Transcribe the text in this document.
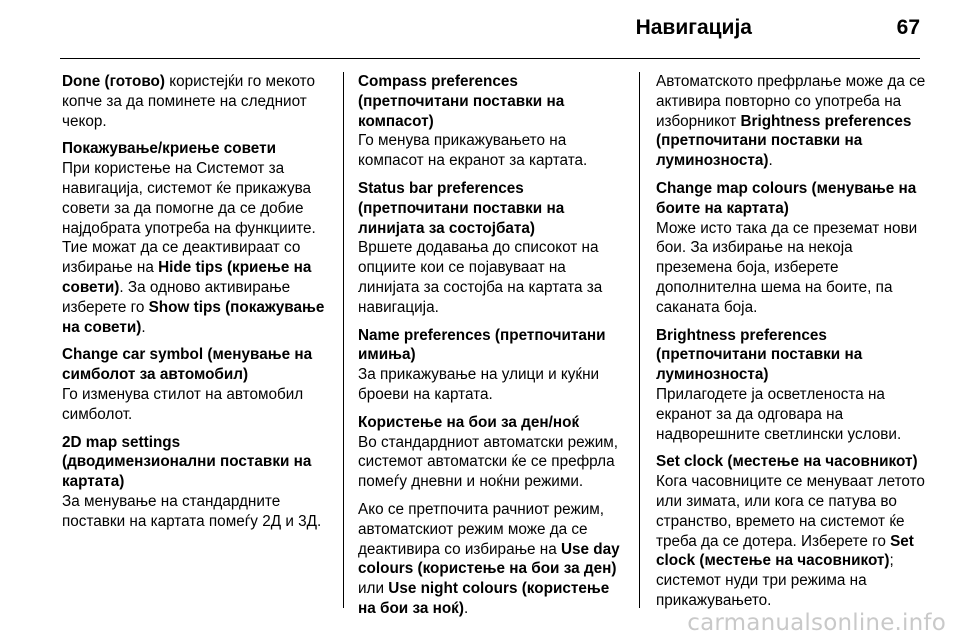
Навигација	67
Done (готово) користејќи го мекото копче за да поминете на следниот чекор.
Покажување/криење совети
При користење на Системот за навигација, системот ќе прикажува совети за да помогне да се добие најдобрата употреба на функциите. Тие можат да се деактивираат со избирање на Hide tips (криење на совети). За одново активирање изберете го Show tips (покажување на совети).
Change car symbol (менување на симболот за автомобил)
Го изменува стилот на автомобил симболот.
2D map settings (дводимензионални поставки на картата)
За менување на стандардните поставки на картата помеѓу 2Д и 3Д.
Compass preferences (претпочитани поставки на компасот)
Го менува прикажувањето на компасот на екранот за картата.
Status bar preferences (претпочитани поставки на линијата за состојбата)
Вршете додавања до списокот на опциите кои се појавуваат на линијата за состојба на картата за навигација.
Name preferences (претпочитани имиња)
За прикажување на улици и куќни броеви на картата.
Користење на бои за ден/ноќ
Во стандардниот автоматски режим, системот автоматски ќе се префрла помеѓу дневни и ноќни режими.
Ако се претпочита рачниот режим, автоматскиот режим може да се деактивира со избирање на Use day colours (користење на бои за ден) или Use night colours (користење на бои за ноќ).
Автоматското префрлање може да се активира повторно со употреба на изборникот Brightness preferences (претпочитани поставки на луминозноста).
Change map colours (менување на боите на картата)
Може исто така да се преземат нови бои. За избирање на некоја преземена боја, изберете дополнителна шема на боите, па саканата боја.
Brightness preferences (претпочитани поставки на луминозноста)
Прилагодете ја осветленоста на екранот за да одговара на надворешните светлински услови.
Set clock (местење на часовникот)
Кога часовниците се менуваат летото или зимата, или кога се патува во странство, времето на системот ќе треба да се дотера. Изберете го Set clock (местење на часовникот); системот нуди три режима на прикажувањето.
carmanualsonline.info
